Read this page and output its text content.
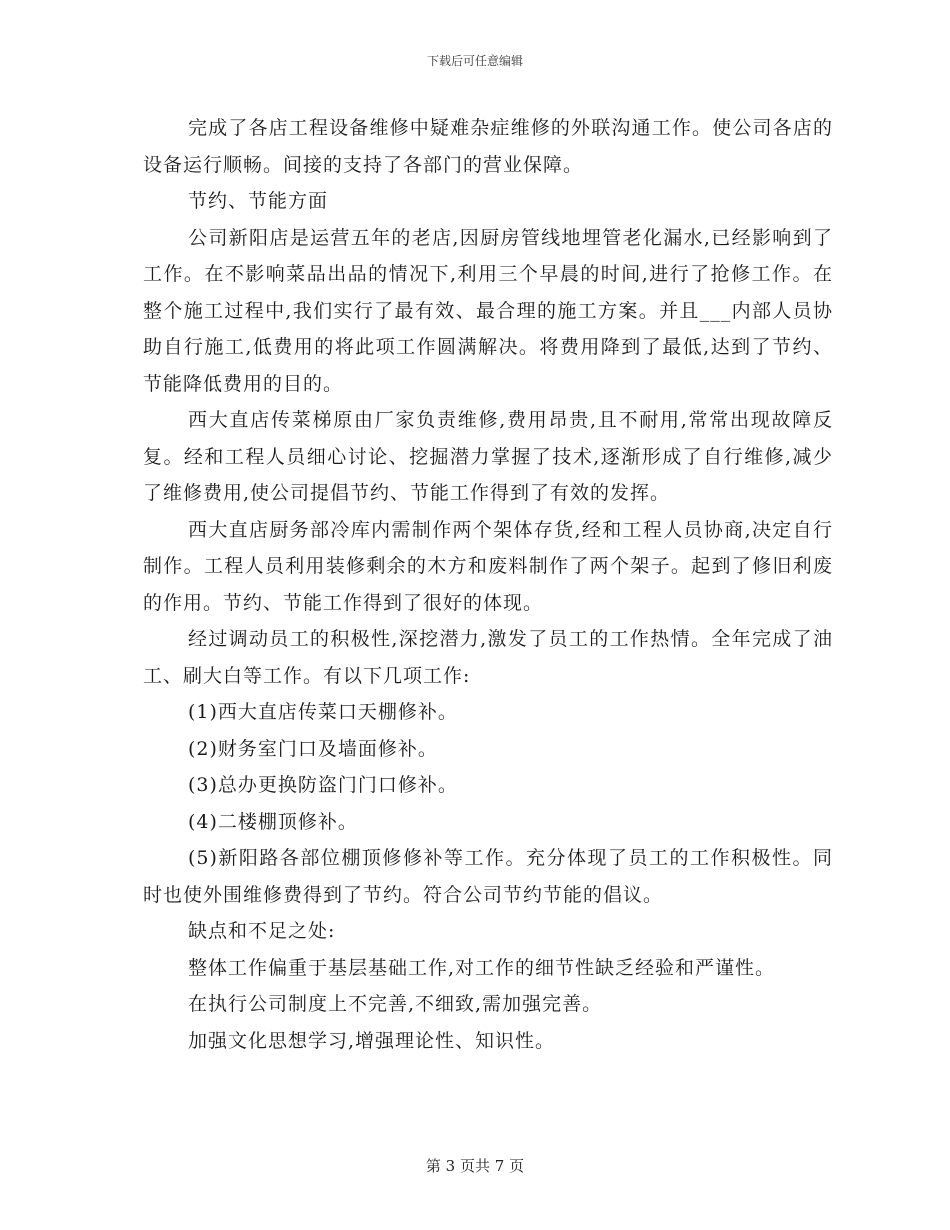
下载后可任意编辑

完成了各店工程设备维修中疑难杂症维修的外联沟通工作。使公司各店的设备运行顺畅。间接的支持了各部门的营业保障。

节约、节能方面

公司新阳店是运营五年的老店,因厨房管线地埋管老化漏水,已经影响到了工作。在不影响菜品出品的情况下,利用三个早晨的时间,进行了抢修工作。在整个施工过程中,我们实行了最有效、最合理的施工方案。并且___内部人员协助自行施工,低费用的将此项工作圆满解决。将费用降到了最低,达到了节约、节能降低费用的目的。

西大直店传菜梯原由厂家负责维修,费用昂贵,且不耐用,常常出现故障反复。经和工程人员细心讨论、挖掘潜力掌握了技术,逐渐形成了自行维修,减少了维修费用,使公司提倡节约、节能工作得到了有效的发挥。

西大直店厨务部冷库内需制作两个架体存货,经和工程人员协商,决定自行制作。工程人员利用装修剩余的木方和废料制作了两个架子。起到了修旧利废的作用。节约、节能工作得到了很好的体现。

经过调动员工的积极性,深挖潜力,激发了员工的工作热情。全年完成了油工、刷大白等工作。有以下几项工作:

(1)西大直店传菜口天棚修补。

(2)财务室门口及墙面修补。

(3)总办更换防盗门门口修补。

(4)二楼棚顶修补。

(5)新阳路各部位棚顶修修补等工作。充分体现了员工的工作积极性。同时也使外围维修费得到了节约。符合公司节约节能的倡议。

缺点和不足之处:

整体工作偏重于基层基础工作,对工作的细节性缺乏经验和严谨性。

在执行公司制度上不完善,不细致,需加强完善。

加强文化思想学习,增强理论性、知识性。

第 3 页共 7 页
